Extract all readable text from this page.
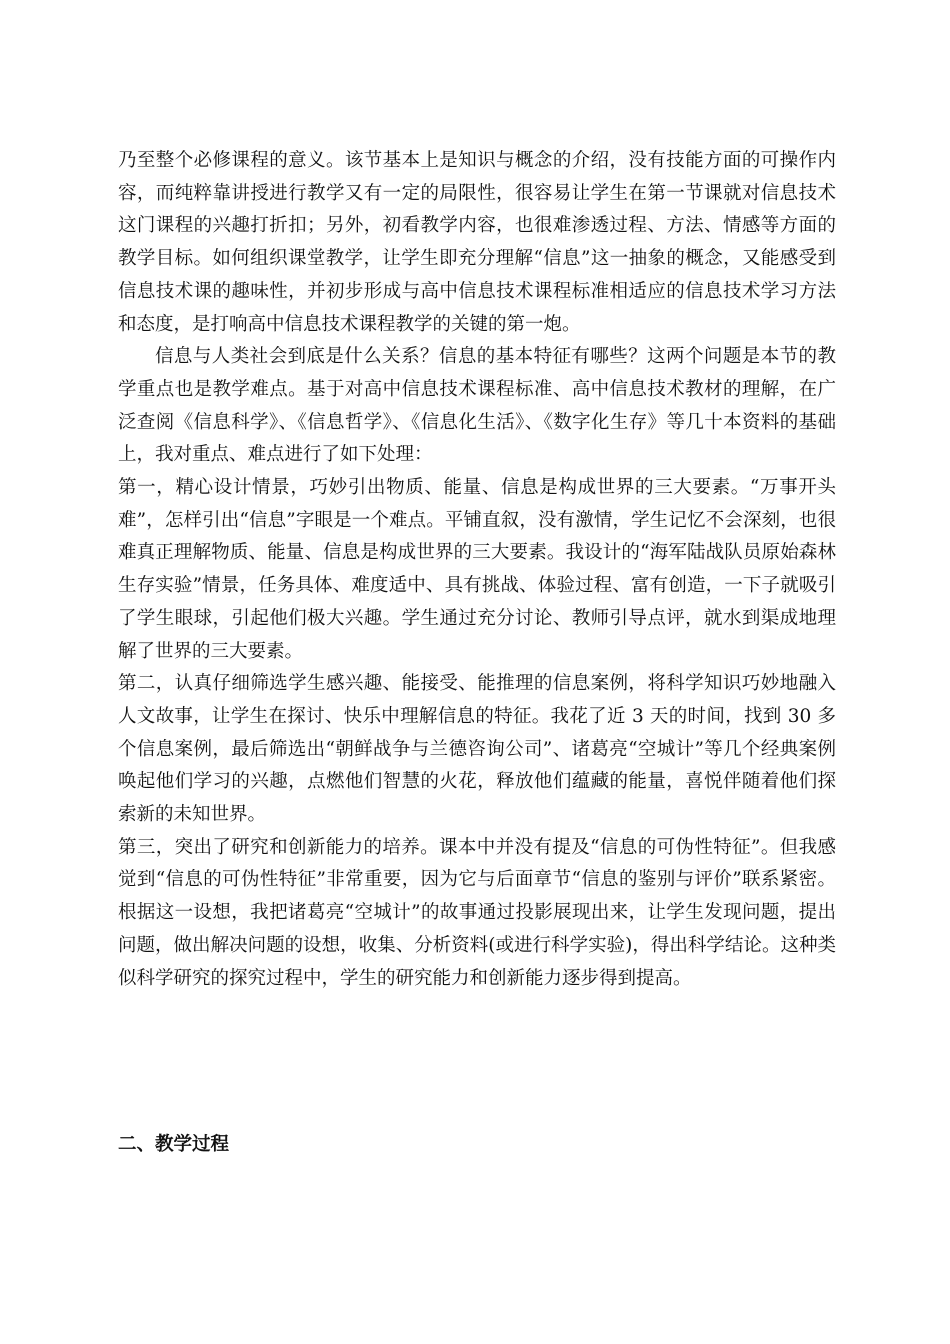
乃至整个必修课程的意义。该节基本上是知识与概念的介绍，没有技能方面的可操作内容，而纯粹靠讲授进行教学又有一定的局限性，很容易让学生在第一节课就对信息技术这门课程的兴趣打折扣；另外，初看教学内容，也很难渗透过程、方法、情感等方面的教学目标。如何组织课堂教学，让学生即充分理解“信息”这一抽象的概念，又能感受到信息技术课的趣味性，并初步形成与高中信息技术课程标准相适应的信息技术学习方法和态度，是打响高中信息技术课程教学的关键的第一炮。

信息与人类社会到底是什么关系？信息的基本特征有哪些？这两个问题是本节的教学重点也是教学难点。基于对高中信息技术课程标准、高中信息技术教材的理解，在广泛查阅《信息科学》、《信息哲学》、《信息化生活》、《数字化生存》等几十本资料的基础上，我对重点、难点进行了如下处理：

第一，精心设计情景，巧妙引出物质、能量、信息是构成世界的三大要素。“万事开头难”，怎样引出“信息”字眼是一个难点。平铺直叙，没有激情，学生记忆不会深刻，也很难真正理解物质、能量、信息是构成世界的三大要素。我设计的“海军陆战队员原始森林生存实验”情景，任务具体、难度适中、具有挑战、体验过程、富有创造，一下子就吸引了学生眼球，引起他们极大兴趣。学生通过充分讨论、教师引导点评，就水到渠成地理解了世界的三大要素。

第二，认真仔细筛选学生感兴趣、能接受、能推理的信息案例，将科学知识巧妙地融入人文故事，让学生在探讨、快乐中理解信息的特征。我花了近 3 天的时间，找到 30 多个信息案例，最后筛选出“朝鲜战争与兰德咨询公司”、诸葛亮“空城计”等几个经典案例唤起他们学习的兴趣，点燃他们智慧的火花，释放他们蕴藏的能量，喜悦伴随着他们探索新的未知世界。

第三，突出了研究和创新能力的培养。课本中并没有提及“信息的可伪性特征”。但我感觉到“信息的可伪性特征”非常重要，因为它与后面章节“信息的鉴别与评价”联系紧密。根据这一设想，我把诸葛亮“空城计”的故事通过投影展现出来，让学生发现问题，提出问题，做出解决问题的设想，收集、分析资料(或进行科学实验)，得出科学结论。这种类似科学研究的探究过程中，学生的研究能力和创新能力逐步得到提高。

二、教学过程
